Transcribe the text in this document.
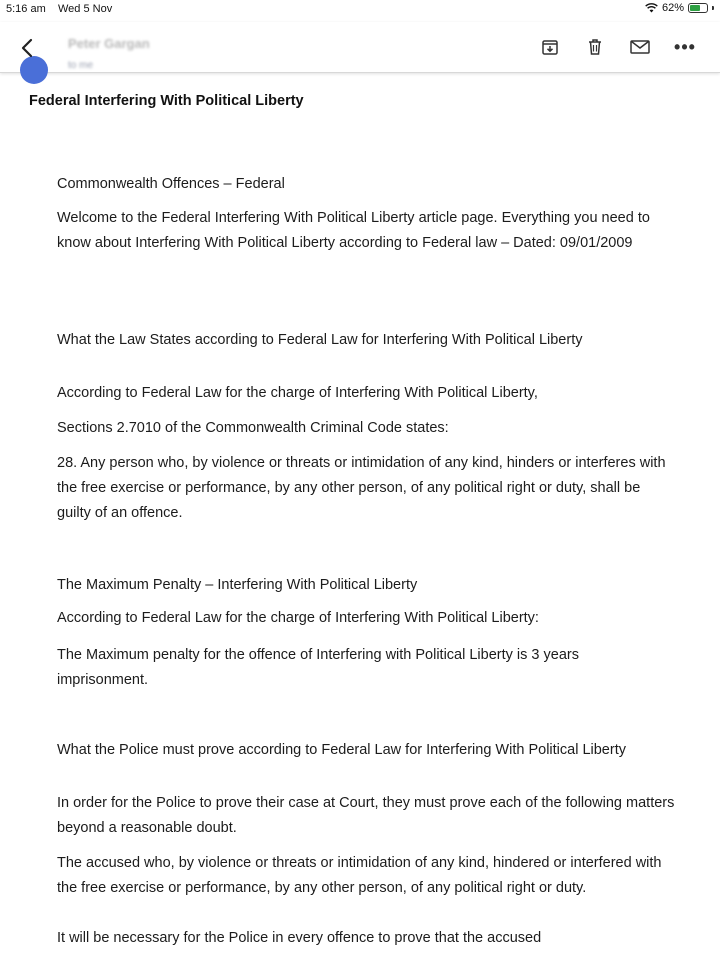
5:16 am Wed 5 Nov	62%
Peter Gargan
to me
•••
Federal Interfering With Political Liberty
Commonwealth Offences – Federal
Welcome to the Federal Interfering With Political Liberty article page. Everything you need to know about Interfering With Political Liberty according to Federal law – Dated: 09/01/2009
What the Law States according to Federal Law for Interfering With Political Liberty
According to Federal Law for the charge of Interfering With Political Liberty,
Sections 2.7010 of the Commonwealth Criminal Code states:
28. Any person who, by violence or threats or intimidation of any kind, hinders or interferes with the free exercise or performance, by any other person, of any political right or duty, shall be guilty of an offence.
The Maximum Penalty – Interfering With Political Liberty
According to Federal Law for the charge of Interfering With Political Liberty:
The Maximum penalty for the offence of Interfering with Political Liberty is 3 years imprisonment.
What the Police must prove according to Federal Law for Interfering With Political Liberty
In order for the Police to prove their case at Court, they must prove each of the following matters beyond a reasonable doubt.
The accused who, by violence or threats or intimidation of any kind, hindered or interfered with the free exercise or performance, by any other person, of any political right or duty.
It will be necessary for the Police in every offence to prove that the accused
